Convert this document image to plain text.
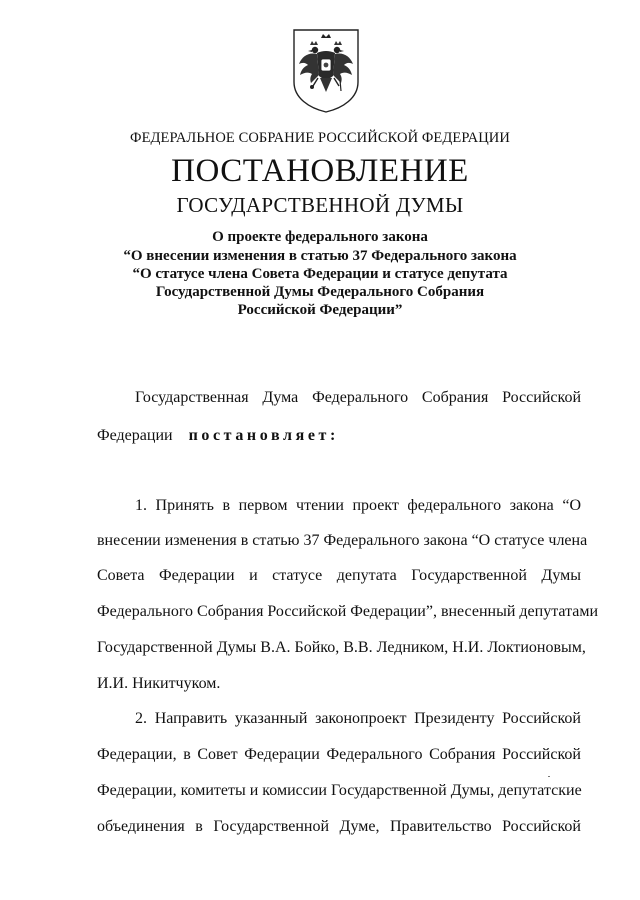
ФЕДЕРАЛЬНОЕ СОБРАНИЕ РОССИЙСКОЙ ФЕДЕРАЦИИ
ПОСТАНОВЛЕНИЕ
ГОСУДАРСТВЕННОЙ ДУМЫ
О проекте федерального закона
“О внесении изменения в статью 37 Федерального закона
“О статусе члена Совета Федерации и статусе депутата
Государственной Думы Федерального Собрания
Российской Федерации”
Государственная Дума Федерального Собрания Российской
Федерации постановляет:
1. Принять в первом чтении проект федерального закона “О
внесении изменения в статью 37 Федерального закона “О статусе члена
Совета Федерации и статусе депутата Государственной Думы
Федерального Собрания Российской Федерации”, внесенный депутатами
Государственной Думы В.А. Бойко, В.В. Ледником, Н.И. Локтионовым,
И.И. Никитчуком.
2. Направить указанный законопроект Президенту Российской
Федерации, в Совет Федерации Федерального Собрания Российской
Федерации, комитеты и комиссии Государственной Думы, депутатские
объединения в Государственной Думе, Правительство Российской
